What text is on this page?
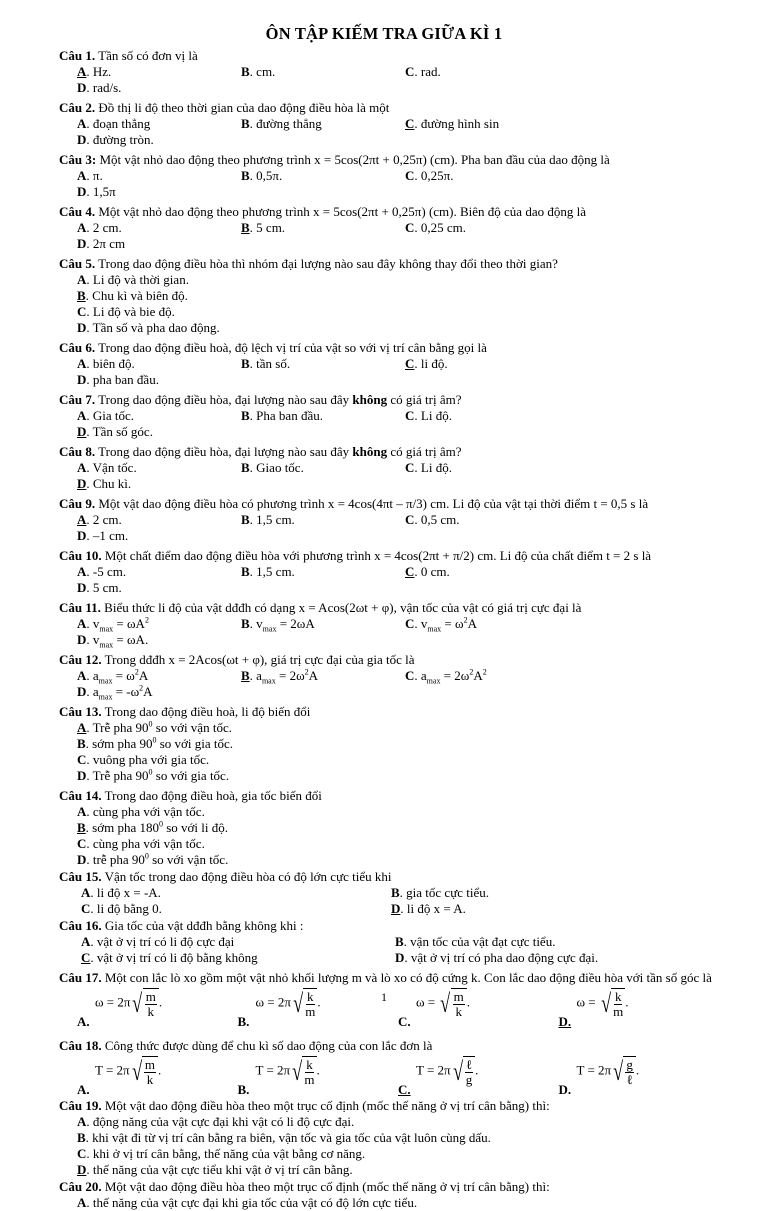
ÔN TẬP KIẾM TRA GIỮA KÌ 1
Câu 1. Tần số có đơn vị là
A. Hz.	B. cm.	C. rad.
D. rad/s.
Câu 2. Đồ thị li độ theo thời gian của dao động điều hòa là một
A. đoạn thẳng	B. đường thẳng	C. đường hình sin
D. đường tròn.
Câu 3: Một vật nhỏ dao động theo phương trình x = 5cos(2πt + 0,25π) (cm). Pha ban đầu của dao động là
A. π.	B. 0,5π.	C. 0,25π.
D. 1,5π
Câu 4. Một vật nhỏ dao động theo phương trình x = 5cos(2πt + 0,25π) (cm). Biên độ của dao động là
A. 2 cm.	B. 5 cm.	C. 0,25 cm.
D. 2π cm
Câu 5. Trong dao động điều hòa thì nhóm đại lượng nào sau đây không thay đổi theo thời gian?
A. Li độ và thời gian.
B. Chu kì và biên độ.
C. Li độ và bie độ.
D. Tần số và pha dao động.
Câu 6. Trong dao động điều hoà, độ lệch vị trí của vật so với vị trí cân bằng gọi là
A. biên độ.	B. tần số.	C. li độ.
D. pha ban đầu.
Câu 7. Trong dao động điều hòa, đại lượng nào sau đây không có giá trị âm?
A. Gia tốc.	B. Pha ban đầu.	C. Li độ.
D. Tần số góc.
Câu 8. Trong dao động điều hòa, đại lượng nào sau đây không có giá trị âm?
A. Vận tốc.	B. Giao tốc.	C. Li độ.
D. Chu kì.
Câu 9. Một vật dao động điều hòa có phương trình x = 4cos(4πt – π/3) cm. Li độ của vật tại thời điểm t = 0,5 s là
A. 2 cm.	B. 1,5 cm.	C. 0,5 cm.
D. –1 cm.
Câu 10. Một chất điểm dao động điều hòa với phương trình x = 4cos(2πt + π/2) cm. Li độ của chất điểm t = 2 s là
A. -5 cm.	B. 1,5 cm.	C. 0 cm.
D. 5 cm.
Câu 11. Biểu thức li độ của vật dđđh có dạng x = Acos(2ωt + φ), vận tốc của vật có giá trị cực đại là
A. $v_{max} = \omega A^2$	B. $v_{max} = 2\omega A$	C. $v_{max} = \omega^2A$
D. $v_{max} = \omega A$.
Câu 12. Trong dđđh x = 2Acos(ωt + φ), giá trị cực đại của gia tốc là
A. $a_{max} = \omega^2A$	B. $a_{max} = 2\omega^2A$	C. $a_{max} = 2\omega^2A^2$
D. $a_{max} = -\omega^2A$
Câu 13. Trong dao động điều hoà, li độ biến đổi
A. Trễ pha $90^0$ so với vận tốc.
B. sớm pha $90^0$ so với gia tốc.
C. vuông pha với gia tốc.
D. Trễ pha $90^0$ so với gia tốc.
Câu 14. Trong dao động điều hoà, gia tốc biến đổi
A. cùng pha với vận tốc.
B. sớm pha $180^0$ so với li độ.
C. cùng pha với vận tốc.
D. trễ pha $90^0$ so với vận tốc.
Câu 15. Vận tốc trong dao động điều hòa có độ lớn cực tiểu khi
A. li độ x = -A.	B. gia tốc cực tiểu.
C. li độ bằng 0.	D. li độ x = A.
Câu 16. Gia tốc của vật dđđh bằng không khi :
A. vật ở vị trí có li độ cực đại	B. vận tốc của vật đạt cực tiểu.
C. vật ở vị trí có li độ bằng không	D. vật ở vị trí có pha dao động cực đại.
Câu 17. Một con lắc lò xo gồm một vật nhỏ khối lượng m và lò xo có độ cứng k. Con lắc dao động điều hòa với tần số góc là
A.
ω = 2π √ $\frac{m}{k}$ .
B.
ω = 2π √ $\frac{k}{m}$ .
C.
ω = √ $\frac{m}{k}$ .
D.
ω = √ $\frac{k}{m}$ .
Câu 18. Công thức được dùng để chu kì số dao động của con lắc đơn là
A.
T = 2π √ $\frac{m}{k}$ .
B.
T = 2π √ $\frac{k}{m}$ .
C.
T = 2π √ $\frac{\text{ℓ}}{g}$ .
D.
T = 2π √ $\frac{g}{\text{ℓ}}$ .
Câu 19. Một vật dao động điều hòa theo một trục cố định (mốc thế năng ở vị trí cân bằng) thì:
A. động năng của vật cực đại khi vật có li độ cực đại.
B. khi vật đi từ vị trí cân bằng ra biên, vận tốc và gia tốc của vật luôn cùng dấu.
C. khi ở vị trí cân bằng, thế năng của vật bằng cơ năng.
D. thế năng của vật cực tiểu khi vật ở vị trí cân bằng.
Câu 20. Một vật dao động điều hòa theo một trục cố định (mốc thế năng ở vị trí cân bằng) thì:
A. thế năng của vật cực đại khi gia tốc của vật có độ lớn cực tiểu.
1
